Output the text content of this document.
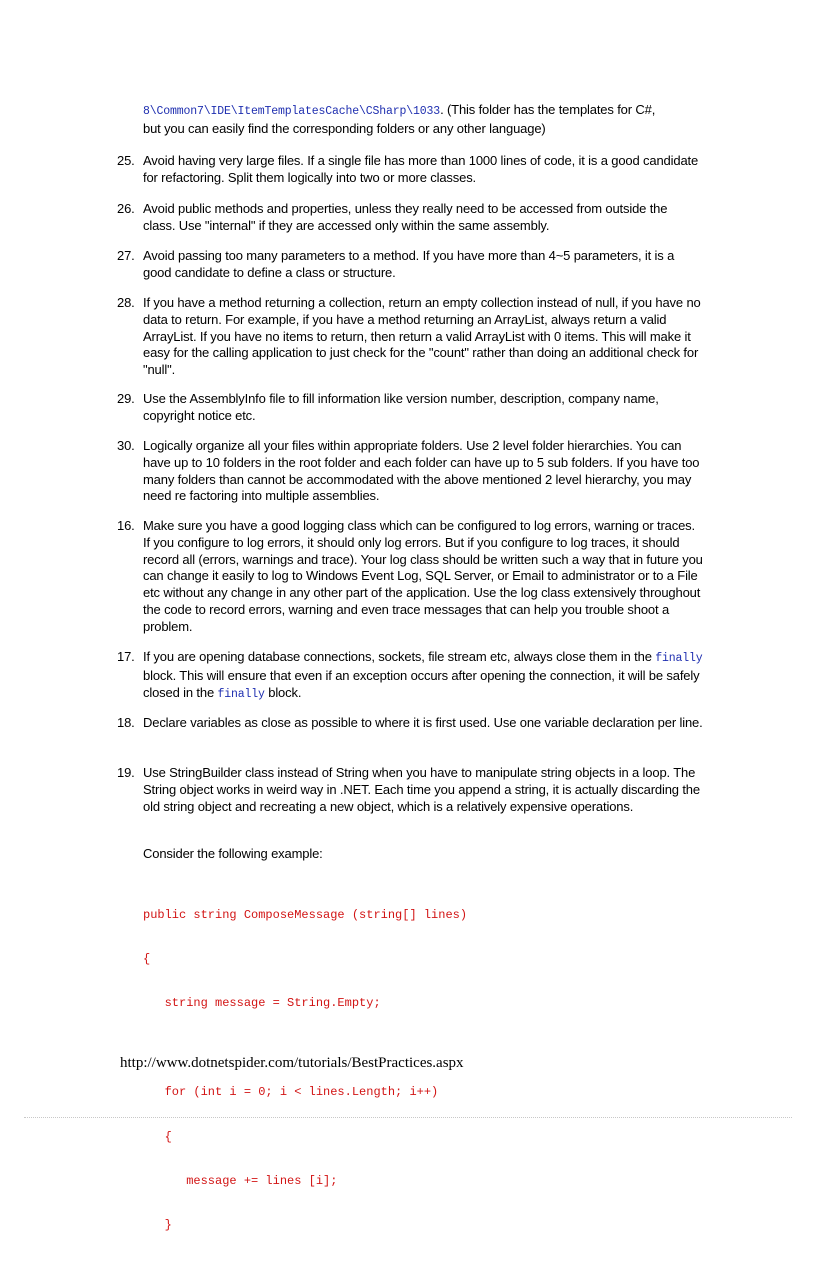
8\Common7\IDE\ItemTemplatesCache\CSharp\1033. (This folder has the templates for C#,
but you can easily find the corresponding folders or any other language)
25. Avoid having very large files. If a single file has more than 1000 lines of code, it is a good candidate for refactoring. Split them logically into two or more classes.
26. Avoid public methods and properties, unless they really need to be accessed from outside the class. Use "internal" if they are accessed only within the same assembly.
27. Avoid passing too many parameters to a method. If you have more than 4~5 parameters, it is a good candidate to define a class or structure.
28. If you have a method returning a collection, return an empty collection instead of null, if you have no data to return. For example, if you have a method returning an ArrayList, always return a valid ArrayList. If you have no items to return, then return a valid ArrayList with 0 items. This will make it easy for the calling application to just check for the "count" rather than doing an additional check for "null".
29. Use the AssemblyInfo file to fill information like version number, description, company name, copyright notice etc.
30. Logically organize all your files within appropriate folders. Use 2 level folder hierarchies. You can have up to 10 folders in the root folder and each folder can have up to 5 sub folders. If you have too many folders than cannot be accommodated with the above mentioned 2 level hierarchy, you may need re factoring into multiple assemblies.
16. Make sure you have a good logging class which can be configured to log errors, warning or traces. If you configure to log errors, it should only log errors. But if you configure to log traces, it should record all (errors, warnings and trace). Your log class should be written such a way that in future you can change it easily to log to Windows Event Log, SQL Server, or Email to administrator or to a File etc without any change in any other part of the application. Use the log class extensively throughout the code to record errors, warning and even trace messages that can help you trouble shoot a problem.
17. If you are opening database connections, sockets, file stream etc, always close them in the finally block. This will ensure that even if an exception occurs after opening the connection, it will be safely closed in the finally block.
18. Declare variables as close as possible to where it is first used. Use one variable declaration per line.
19. Use StringBuilder class instead of String when you have to manipulate string objects in a loop. The String object works in weird way in .NET. Each time you append a string, it is actually discarding the old string object and recreating a new object, which is a relatively expensive operations.
Consider the following example:

public string ComposeMessage (string[] lines)

{

string message = String.Empty;

for (int i = 0; i < lines.Length; i++)

{

message += lines [i];

}

http://www.dotnetspider.com/tutorials/BestPractices.aspx
